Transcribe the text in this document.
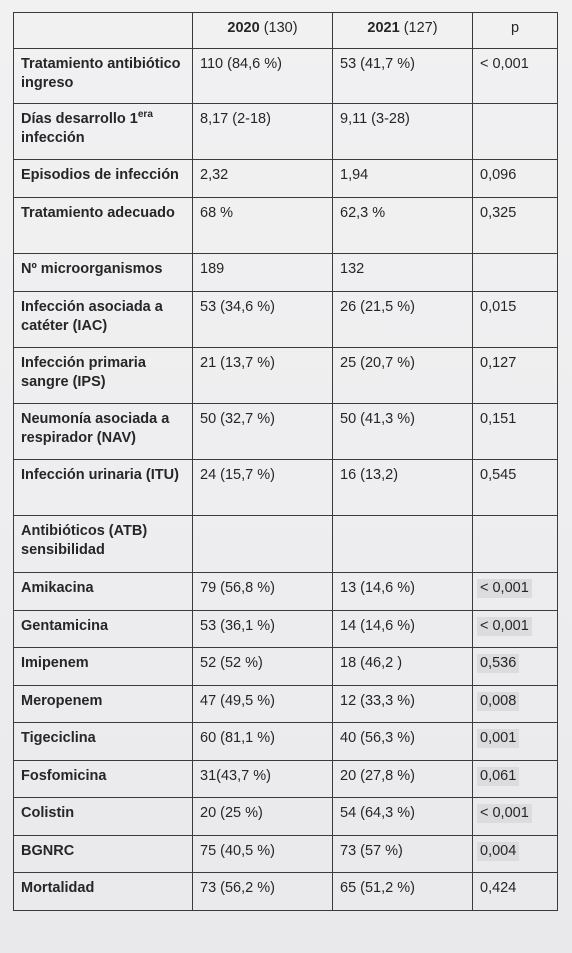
	2020 (130)	2021 (127)	p
Tratamiento antibiótico ingreso	110 (84,6 %)	53 (41,7 %)	< 0,001
Días desarrollo $1^{era}$ infección	8,17 (2-18)	9,11 (3-28)	
Episodios de infección	2,32	1,94	0,096
Tratamiento adecuado	68 %	62,3 %	0,325
Nº microorganismos	189	132	
Infección asociada a catéter (IAC)	53 (34,6 %)	26 (21,5 %)	0,015
Infección primaria sangre (IPS)	21 (13,7 %)	25 (20,7 %)	0,127
Neumonía asociada a respirador (NAV)	50 (32,7 %)	50 (41,3 %)	0,151
Infección urinaria (ITU)	24 (15,7 %)	16 (13,2)	0,545
Antibióticos (ATB) sensibilidad			
Amikacina	79 (56,8 %)	13 (14,6 %)	< 0,001
Gentamicina	53 (36,1 %)	14 (14,6 %)	< 0,001
Imipenem	52 (52 %)	18 (46,2 )	0,536
Meropenem	47 (49,5 %)	12 (33,3 %)	0,008
Tigeciclina	60 (81,1 %)	40 (56,3 %)	0,001
Fosfomicina	31(43,7 %)	20 (27,8 %)	0,061
Colistin	20 (25 %)	54 (64,3 %)	< 0,001
BGNRC	75 (40,5 %)	73 (57 %)	0,004
Mortalidad	73 (56,2 %)	65 (51,2 %)	0,424
